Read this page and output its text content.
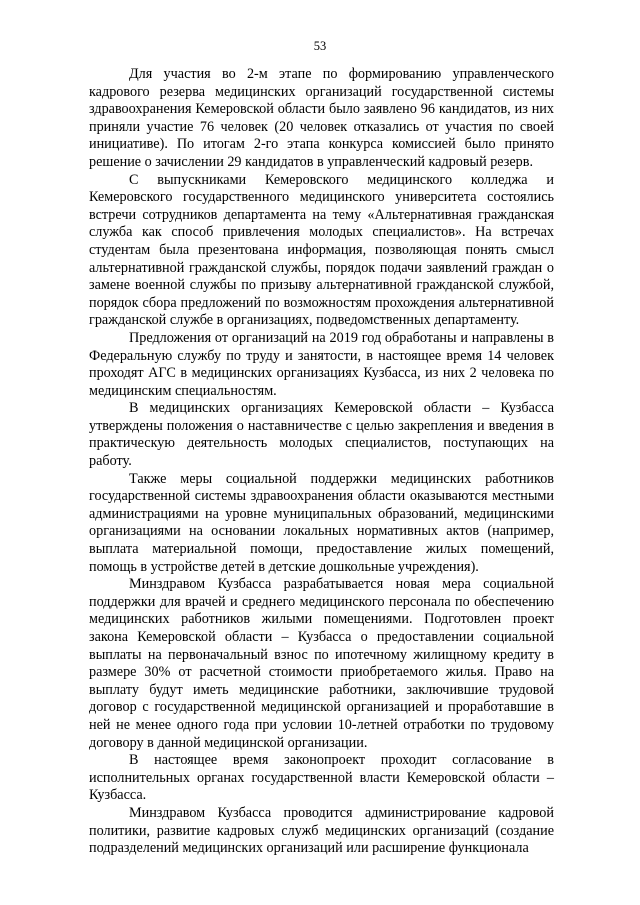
53

Для участия во 2-м этапе по формированию управленческого кадрового резерва медицинских организаций государственной системы здравоохранения Кемеровской области было заявлено 96 кандидатов, из них приняли участие 76 человек (20 человек отказались от участия по своей инициативе). По итогам 2-го этапа конкурса комиссией было принято решение о зачислении 29 кандидатов в управленческий кадровый резерв.

С выпускниками Кемеровского медицинского колледжа и Кемеровского государственного медицинского университета состоялись встречи сотрудников департамента на тему «Альтернативная гражданская служба как способ привлечения молодых специалистов». На встречах студентам была презентована информация, позволяющая понять смысл альтернативной гражданской службы, порядок подачи заявлений граждан о замене военной службы по призыву альтернативной гражданской службой, порядок сбора предложений по возможностям прохождения альтернативной гражданской службе в организациях, подведомственных департаменту.

Предложения от организаций на 2019 год обработаны и направлены в Федеральную службу по труду и занятости, в настоящее время 14 человек проходят АГС в медицинских организациях Кузбасса, из них 2 человека по медицинским специальностям.

В медицинских организациях Кемеровской области – Кузбасса утверждены положения о наставничестве с целью закрепления и введения в практическую деятельность молодых специалистов, поступающих на работу.

Также меры социальной поддержки медицинских работников государственной системы здравоохранения области оказываются местными администрациями на уровне муниципальных образований, медицинскими организациями на основании локальных нормативных актов (например, выплата материальной помощи, предоставление жилых помещений, помощь в устройстве детей в детские дошкольные учреждения).

Минздравом Кузбасса разрабатывается новая мера социальной поддержки для врачей и среднего медицинского персонала по обеспечению медицинских работников жилыми помещениями. Подготовлен проект закона Кемеровской области – Кузбасса о предоставлении социальной выплаты на первоначальный взнос по ипотечному жилищному кредиту в размере 30% от расчетной стоимости приобретаемого жилья. Право на выплату будут иметь медицинские работники, заключившие трудовой договор с государственной медицинской организацией и проработавшие в ней не менее одного года при условии 10-летней отработки по трудовому договору в данной медицинской организации.

В настоящее время законопроект проходит согласование в исполнительных органах государственной власти Кемеровской области – Кузбасса.

Минздравом Кузбасса проводится администрирование кадровой политики, развитие кадровых служб медицинских организаций (создание подразделений медицинских организаций или расширение функционала
